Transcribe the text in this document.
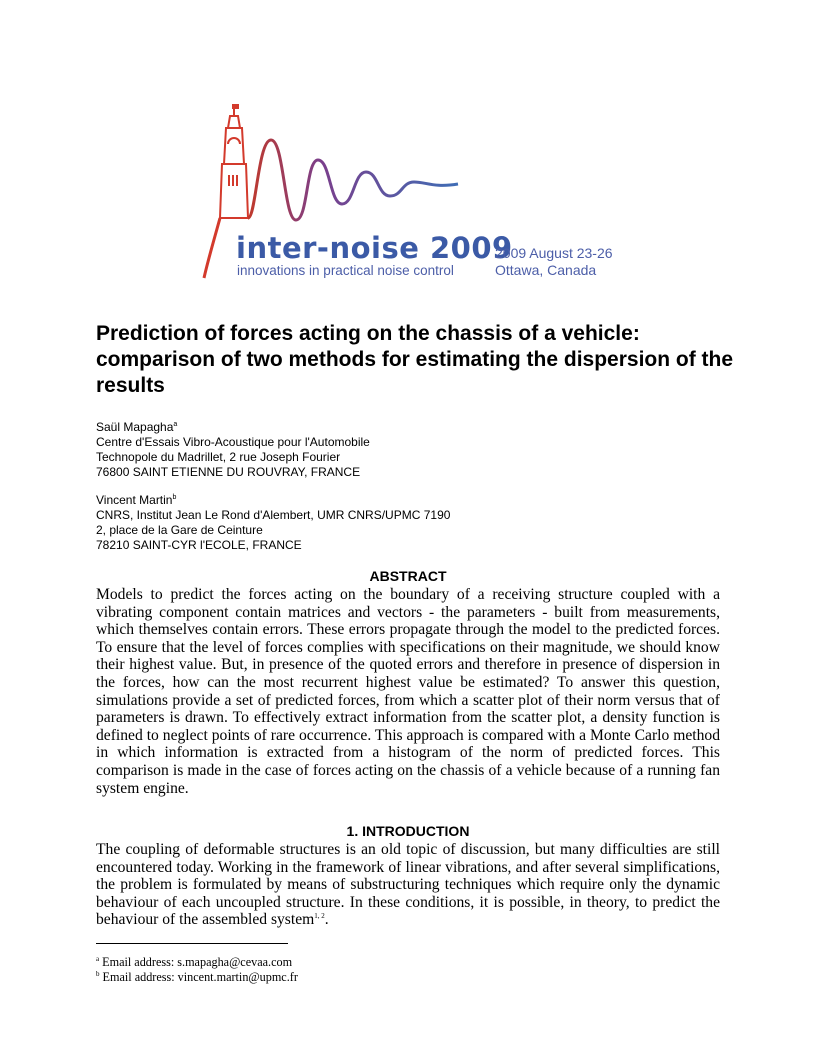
inter-noise 2009
innovations in practical noise control
2009 August 23-26
Ottawa, Canada
Prediction of forces acting on the chassis of a vehicle: comparison of two methods for estimating the dispersion of the results
Saül Mapagha$^a$
Centre d'Essais Vibro-Acoustique pour l'Automobile
Technopole du Madrillet, 2 rue Joseph Fourier
76800 SAINT ETIENNE DU ROUVRAY, FRANCE
Vincent Martin$^b$
CNRS, Institut Jean Le Rond d'Alembert, UMR CNRS/UPMC 7190
2, place de la Gare de Ceinture
78210 SAINT-CYR l'ECOLE, FRANCE
ABSTRACT
Models to predict the forces acting on the boundary of a receiving structure coupled with a vibrating component contain matrices and vectors - the parameters - built from measurements, which themselves contain errors. These errors propagate through the model to the predicted forces. To ensure that the level of forces complies with specifications on their magnitude, we should know their highest value. But, in presence of the quoted errors and therefore in presence of dispersion in the forces, how can the most recurrent highest value be estimated? To answer this question, simulations provide a set of predicted forces, from which a scatter plot of their norm versus that of parameters is drawn. To effectively extract information from the scatter plot, a density function is defined to neglect points of rare occurrence. This approach is compared with a Monte Carlo method in which information is extracted from a histogram of the norm of predicted forces. This comparison is made in the case of forces acting on the chassis of a vehicle because of a running fan system engine.
1. INTRODUCTION
The coupling of deformable structures is an old topic of discussion, but many difficulties are still encountered today. Working in the framework of linear vibrations, and after several simplifications, the problem is formulated by means of substructuring techniques which require only the dynamic behaviour of each uncoupled structure. In these conditions, it is possible, in theory, to predict the behaviour of the assembled system$^{1, 2}$.
$^a$ Email address: s.mapagha@cevaa.com
$^b$ Email address: vincent.martin@upmc.fr
